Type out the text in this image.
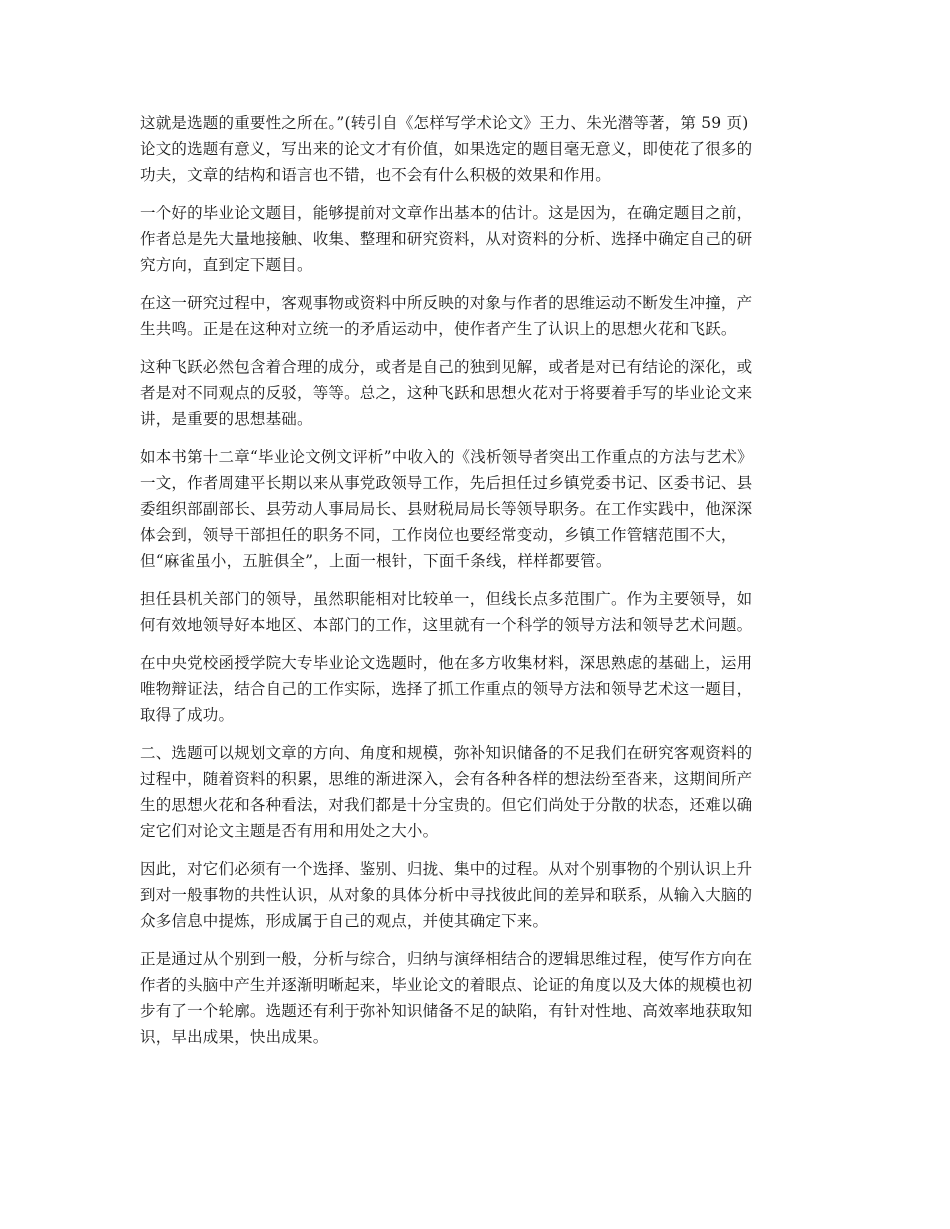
这就是选题的重要性之所在。”(转引自《怎样写学术论文》王力、朱光潜等著，第 59 页)
论文的选题有意义，写出来的论文才有价值，如果选定的题目毫无意义，即使花了很多的
功夫，文章的结构和语言也不错，也不会有什么积极的效果和作用。

一个好的毕业论文题目，能够提前对文章作出基本的估计。这是因为，在确定题目之前，
作者总是先大量地接触、收集、整理和研究资料，从对资料的分析、选择中确定自己的研
究方向，直到定下题目。

在这一研究过程中，客观事物或资料中所反映的对象与作者的思维运动不断发生冲撞，产
生共鸣。正是在这种对立统一的矛盾运动中，使作者产生了认识上的思想火花和飞跃。

这种飞跃必然包含着合理的成分，或者是自己的独到见解，或者是对已有结论的深化，或
者是对不同观点的反驳，等等。总之，这种飞跃和思想火花对于将要着手写的毕业论文来
讲，是重要的思想基础。

如本书第十二章“毕业论文例文评析”中收入的《浅析领导者突出工作重点的方法与艺术》
一文，作者周建平长期以来从事党政领导工作，先后担任过乡镇党委书记、区委书记、县
委组织部副部长、县劳动人事局局长、县财税局局长等领导职务。在工作实践中，他深深
体会到，领导干部担任的职务不同，工作岗位也要经常变动，乡镇工作管辖范围不大，
但“麻雀虽小，五脏俱全”，上面一根针，下面千条线，样样都要管。

担任县机关部门的领导，虽然职能相对比较单一，但线长点多范围广。作为主要领导，如
何有效地领导好本地区、本部门的工作，这里就有一个科学的领导方法和领导艺术问题。

在中央党校函授学院大专毕业论文选题时，他在多方收集材料，深思熟虑的基础上，运用
唯物辩证法，结合自己的工作实际，选择了抓工作重点的领导方法和领导艺术这一题目，
取得了成功。

二、选题可以规划文章的方向、角度和规模，弥补知识储备的不足我们在研究客观资料的
过程中，随着资料的积累，思维的渐进深入，会有各种各样的想法纷至沓来，这期间所产
生的思想火花和各种看法，对我们都是十分宝贵的。但它们尚处于分散的状态，还难以确
定它们对论文主题是否有用和用处之大小。

因此，对它们必须有一个选择、鉴别、归拢、集中的过程。从对个别事物的个别认识上升
到对一般事物的共性认识，从对象的具体分析中寻找彼此间的差异和联系，从输入大脑的
众多信息中提炼，形成属于自己的观点，并使其确定下来。

正是通过从个别到一般，分析与综合，归纳与演绎相结合的逻辑思维过程，使写作方向在
作者的头脑中产生并逐渐明晰起来，毕业论文的着眼点、论证的角度以及大体的规模也初
步有了一个轮廓。选题还有利于弥补知识储备不足的缺陷，有针对性地、高效率地获取知
识，早出成果，快出成果。
